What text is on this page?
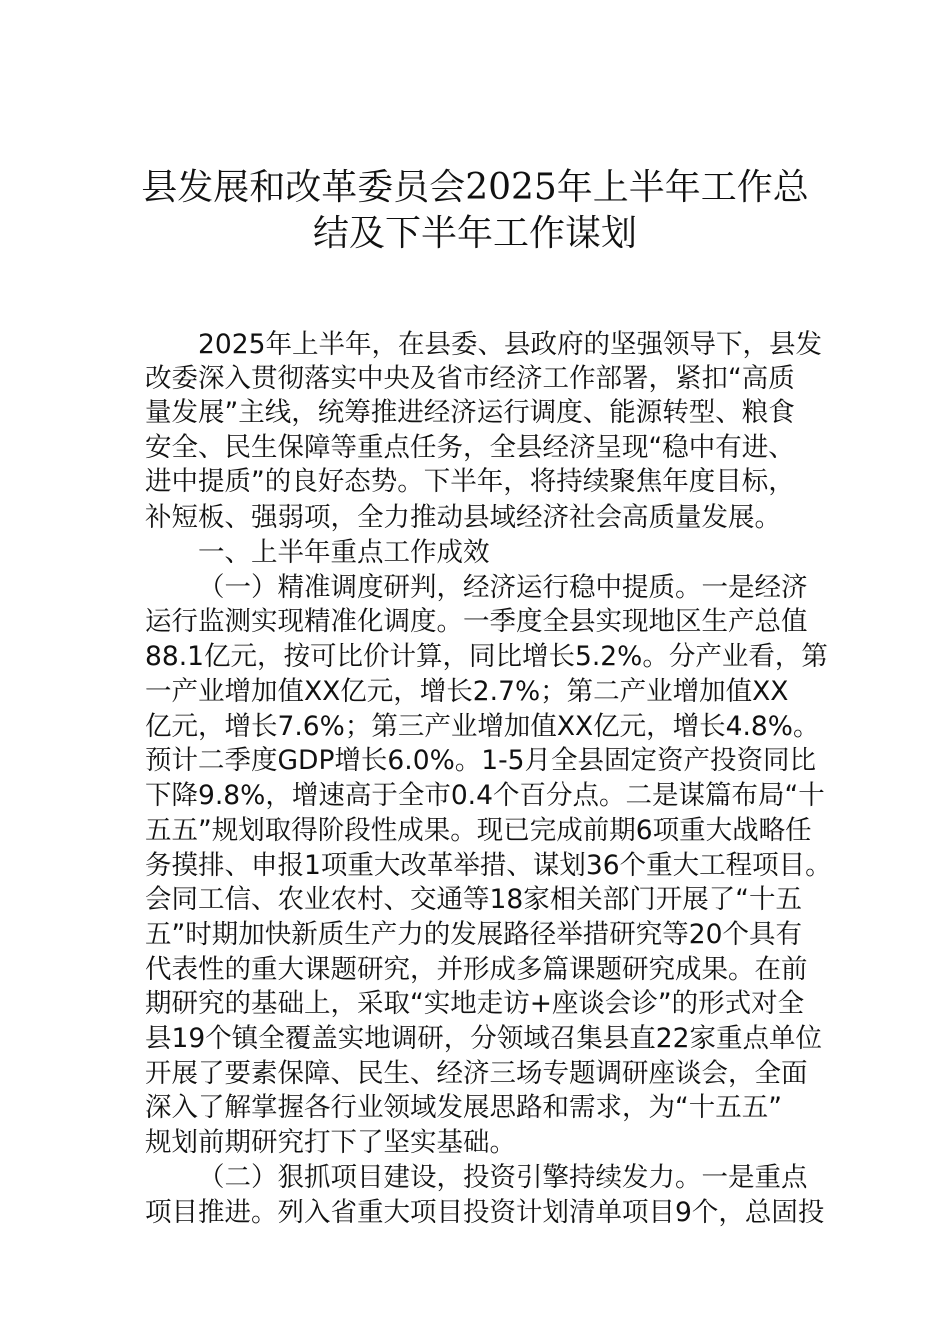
县发展和改革委员会2025年上半年工作总
结及下半年工作谋划

2025年上半年，在县委、县政府的坚强领导下，县发

改委深入贯彻落实中央及省市经济工作部署，紧扣“高质

量发展”主线，统筹推进经济运行调度、能源转型、粮食

安全、民生保障等重点任务，全县经济呈现“稳中有进、

进中提质”的良好态势。下半年，将持续聚焦年度目标，

补短板、强弱项，全力推动县域经济社会高质量发展。

一、上半年重点工作成效

（一）精准调度研判，经济运行稳中提质。一是经济

运行监测实现精准化调度。一季度全县实现地区生产总值

88.1亿元，按可比价计算，同比增长5.2%。分产业看，第

一产业增加值XX亿元，增长2.7%；第二产业增加值XX

亿元，增长7.6%；第三产业增加值XX亿元，增长4.8%。

预计二季度GDP增长6.0%。1-5月全县固定资产投资同比

下降9.8%，增速高于全市0.4个百分点。二是谋篇布局“十

五五”规划取得阶段性成果。现已完成前期6项重大战略任

务摸排、申报1项重大改革举措、谋划36个重大工程项目。

会同工信、农业农村、交通等18家相关部门开展了“十五

五”时期加快新质生产力的发展路径举措研究等20个具有

代表性的重大课题研究，并形成多篇课题研究成果。在前

期研究的基础上，采取“实地走访+座谈会诊”的形式对全

县19个镇全覆盖实地调研，分领域召集县直22家重点单位

开展了要素保障、民生、经济三场专题调研座谈会，全面

深入了解掌握各行业领域发展思路和需求，为“十五五”

规划前期研究打下了坚实基础。

（二）狠抓项目建设，投资引擎持续发力。一是重点

项目推进。列入省重大项目投资计划清单项目9个，总固投
